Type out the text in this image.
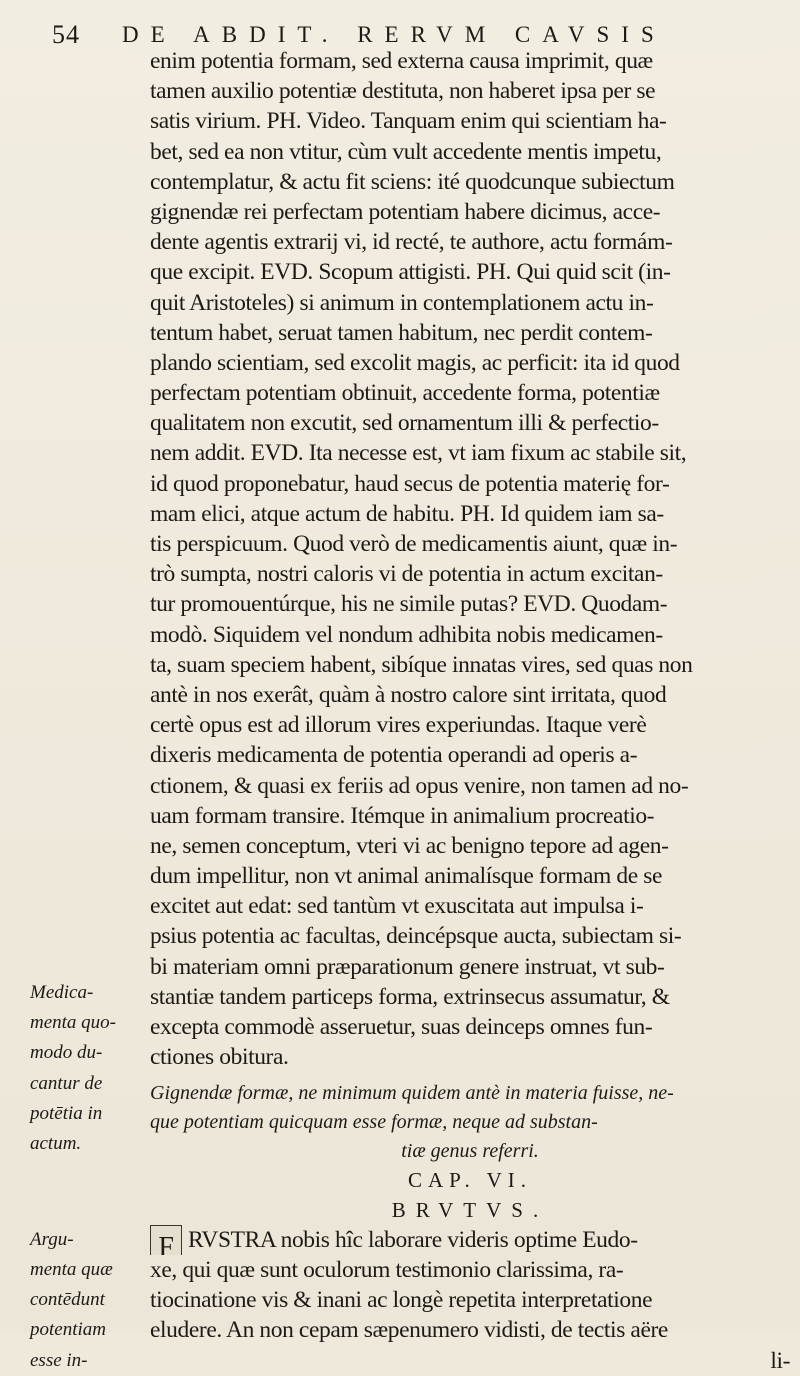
54 DE ABDIT. RERVM CAVSIS
enim potentia formam, sed externa causa imprimit, quæ
tamen auxilio potentiæ destituta, non haberet ipsa per se
satis virium. PH. Video. Tanquam enim qui scientiam ha-
bet, sed ea non vtitur, cùm vult accedente mentis impetu,
contemplatur, & actu fit sciens: ité quodcunque subiectum
gignendæ rei perfectam potentiam habere dicimus, acce-
dente agentis extrarij vi, id recté, te authore, actu formám-
que excipit. EVD. Scopum attigisti. PH. Qui quid scit (in-
quit Aristoteles) si animum in contemplationem actu in-
tentum habet, seruat tamen habitum, nec perdit contem-
plando scientiam, sed excolit magis, ac perficit: ita id quod
perfectam potentiam obtinuit, accedente forma, potentiæ
qualitatem non excutit, sed ornamentum illi & perfectio-
nem addit. EVD. Ita necesse est, vt iam fixum ac stabile sit,
id quod proponebatur, haud secus de potentia materię for-
mam elici, atque actum de habitu. PH. Id quidem iam sa-
tis perspicuum. Quod verò de medicamentis aiunt, quæ in-
trò sumpta, nostri caloris vi de potentia in actum excitan-
tur promouentúrque, his ne simile putas? EVD. Quodam-
modò. Siquidem vel nondum adhibita nobis medicamen-
ta, suam speciem habent, sibíque innatas vires, sed quas non
antè in nos exerât, quàm à nostro calore sint irritata, quod
certè opus est ad illorum vires experiundas. Itaque verè
dixeris medicamenta de potentia operandi ad operis a-
ctionem, & quasi ex feriis ad opus venire, non tamen ad no-
uam formam transire. Itémque in animalium procreatio-
ne, semen conceptum, vteri vi ac benigno tepore ad agen-
dum impellitur, non vt animal animalísque formam de se
excitet aut edat: sed tantùm vt exuscitata aut impulsa i-
psius potentia ac facultas, deincépsque aucta, subiectam si-
bi materiam omni præparationum genere instruat, vt sub-
stantiæ tandem particeps forma, extrinsecus assumatur, &
excepta commodè asseruetur, suas deinceps omnes fun-
ctiones obitura.
Medica-
menta quo-
modo du-
cantur de
potētia in
actum.
Gignendæ formæ, ne minimum quidem antè in materia fuisse, ne-
que potentiam quicquam esse formæ, neque ad substan-
tiæ genus referri.
CAP. VI.
BRVTVS.
F RVSTRA nobis hîc laborare videris optime Eudo-
xe, qui quæ sunt oculorum testimonio clarissima, ra-
tiocinatione vis & inani ac longè repetita interpretatione
eludere. An non cepam sæpenumero vidisti, de tectis aëre
li-
Argu-
menta quæ
contēdunt
potentiam
esse in-
